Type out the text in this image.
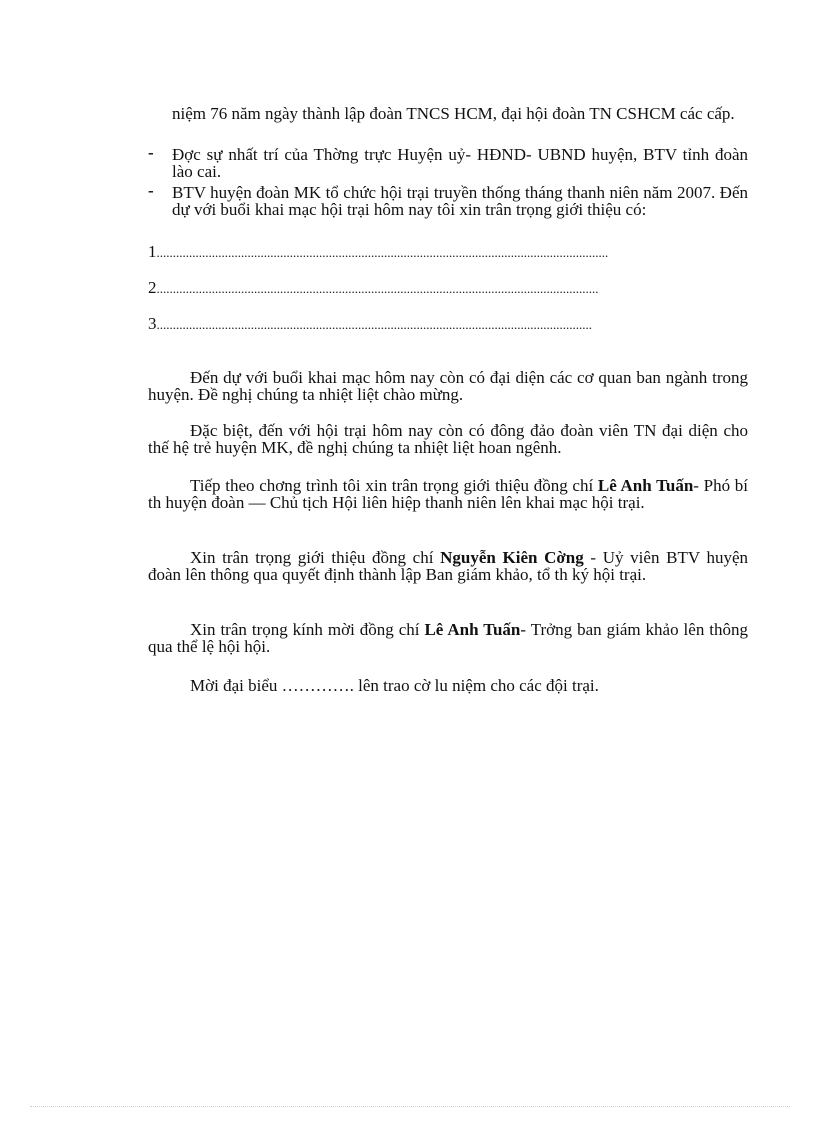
niệm 76 năm ngày thành lập đoàn TNCS HCM, đại hội đoàn TN CSHCM các cấp.
-	Đợc sự nhất trí của Thờng trực Huyện uỷ- HĐND- UBND huyện, BTV tỉnh đoàn lào cai.
-	BTV huyện đoàn MK tổ chức hội trại truyền thống tháng thanh niên năm 2007. Đến dự với buổi khai mạc hội trại hôm nay tôi xin trân trọng giới thiệu có:
1...........................................................................................................................................
2........................................................................................................................................
3......................................................................................................................................
Đến dự với buổi khai mạc hôm nay còn có đại diện các cơ quan ban ngành trong huyện. Đề nghị chúng ta nhiệt liệt chào mừng.
Đặc biệt, đến với hội trại hôm nay còn có đông đảo đoàn viên TN đại diện cho thế hệ trẻ huyện MK, đề nghị chúng ta nhiệt liệt hoan ngênh.
Tiếp theo chơng trình tôi xin trân trọng giới thiệu đồng chí Lê Anh Tuấn- Phó bí th huyện đoàn — Chủ tịch Hội liên hiệp thanh niên lên khai mạc hội trại.
Xin trân trọng giới thiệu đồng chí Nguyễn Kiên Cờng - Uỷ viên BTV huyện đoàn lên thông qua quyết định thành lập Ban giám khảo, tổ th ký hội trại.
Xin trân trọng kính mời đồng chí Lê Anh Tuấn- Trởng ban giám khảo lên thông qua thể lệ hội hội.
Mời đại biểu …………. lên trao cờ lu niệm cho các đội trại.
